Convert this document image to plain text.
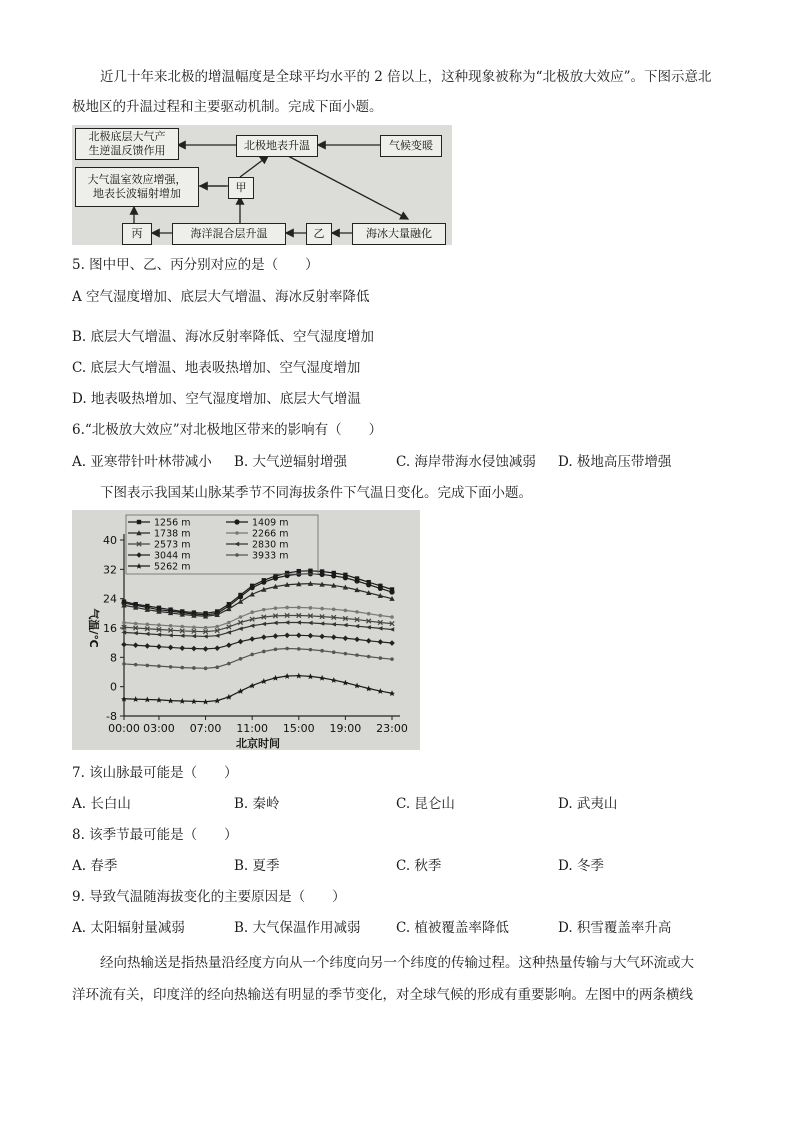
近几十年来北极的增温幅度是全球平均水平的 2 倍以上，这种现象被称为“北极放大效应”。下图示意北
极地区的升温过程和主要驱动机制。完成下面小题。
北极底层大气产
生逆温反馈作用	北极地表升温	气候变暖
大气温室效应增强，
地表长波辐射增加	甲
丙	海洋混合层升温	乙	海冰大量融化
5. 图中甲、乙、丙分别对应的是（　　）
A 空气湿度增加、底层大气增温、海冰反射率降低
B. 底层大气增温、海冰反射率降低、空气湿度增加
C. 底层大气增温、地表吸热增加、空气湿度增加
D. 地表吸热增加、空气湿度增加、底层大气增温
6.“北极放大效应”对北极地区带来的影响有（　　）
A. 亚寒带针叶林带减小 B. 大气逆辐射增强	C. 海岸带海水侵蚀减弱 D. 极地高压带增强
下图表示我国某山脉某季节不同海拔条件下气温日变化。完成下面小题。
40
32
24
16
8
0
-8
00:00 03:00 07:00 11:00 15:00 19:00 23:00
北京时间
气温/℃
1256 m	1409 m
1738 m	2266 m
2573 m	2830 m
3044 m	3933 m
5262 m
7. 该山脉最可能是（　　）
A. 长白山	B. 秦岭	C. 昆仑山	D. 武夷山
8. 该季节最可能是（　　）
A. 春季	B. 夏季	C. 秋季	D. 冬季
9. 导致气温随海拔变化的主要原因是（　　）
A. 太阳辐射量减弱	B. 大气保温作用减弱	C. 植被覆盖率降低	D. 积雪覆盖率升高
经向热输送是指热量沿经度方向从一个纬度向另一个纬度的传输过程。这种热量传输与大气环流或大
洋环流有关，印度洋的经向热输送有明显的季节变化，对全球气候的形成有重要影响。左图中的两条横线
